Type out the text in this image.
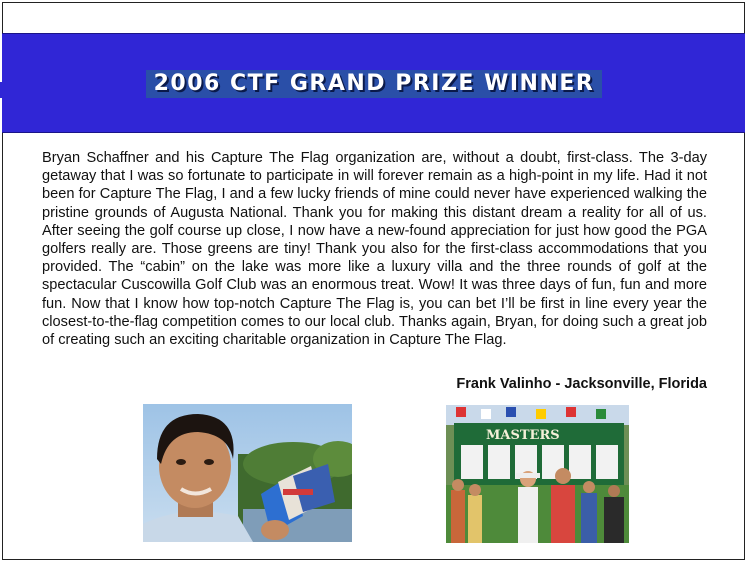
2006 CTF GRAND PRIZE WINNER

Bryan Schaffner and his Capture The Flag organization are, without a doubt, first-class. The 3-day getaway that I was so fortunate to participate in will forever remain as a high-point in my life. Had it not been for Capture The Flag, I and a few lucky friends of mine could never have experienced walking the pristine grounds of Augusta National. Thank you for making this distant dream a reality for all of us. After seeing the golf course up close, I now have a new-found appreciation for just how good the PGA golfers really are. Those greens are tiny! Thank you also for the first-class accommodations that you provided. The “cabin” on the lake was more like a luxury villa and the three rounds of golf at the spectacular Cuscowilla Golf Club was an enormous treat. Wow! It was three days of fun, fun and more fun. Now that I know how top-notch Capture The Flag is, you can bet I’ll be first in line every year the closest-to-the-flag competition comes to our local club. Thanks again, Bryan, for doing such a great job of creating such an exciting charitable organization in Capture The Flag.

Frank Valinho - Jacksonville, Florida
MASTERS
